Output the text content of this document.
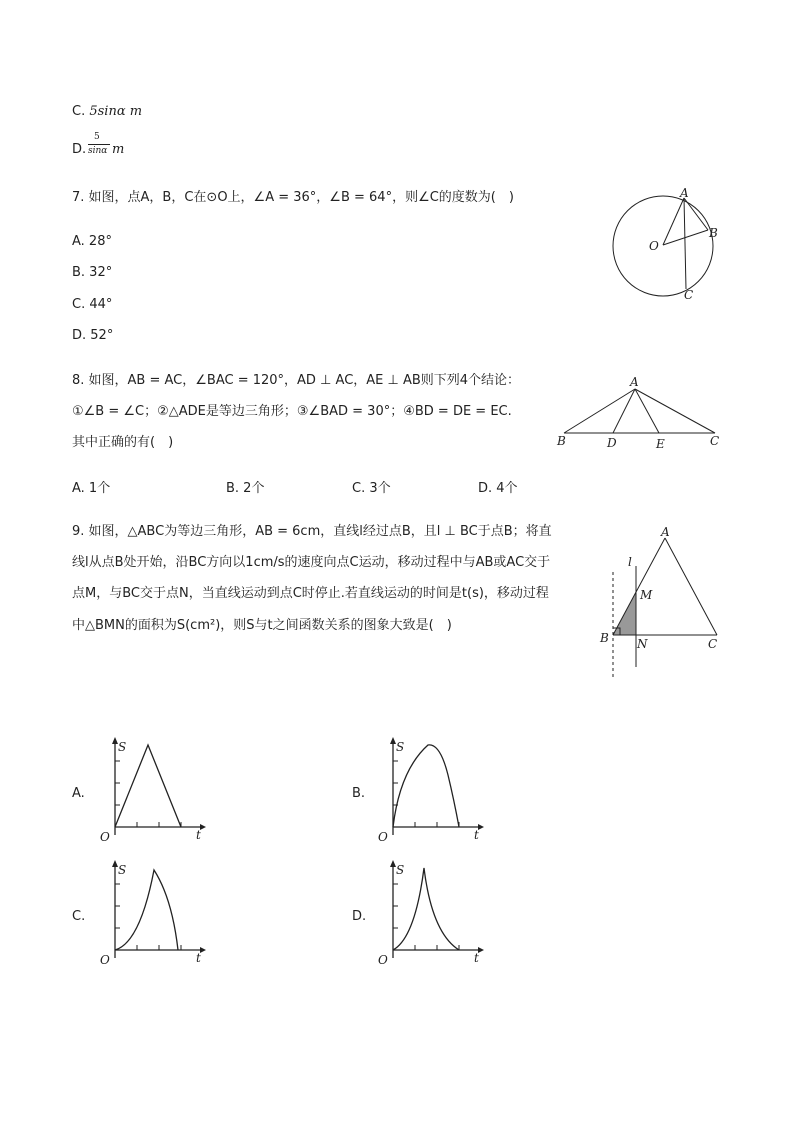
C. 5sinα m
D.
5
sinα m
7. 如图，点A，B，C在⊙O上，∠A = 36°，∠B = 64°，则∠C的度数为(　)
A. 28°
B. 32°
C. 44°
D. 52°
A
B
C
O
8. 如图，AB = AC，∠BAC = 120°，AD ⊥ AC，AE ⊥ AB则下列4个结论：
①∠B = ∠C；②△ADE是等边三角形；③∠BAD = 30°；④BD = DE = EC.
其中正确的有(　)
A. 1个	B. 2个	C. 3个	D. 4个
A
B	D	E	C
9. 如图，△ABC为等边三角形，AB = 6cm，直线l经过点B，且l ⊥ BC于点B；将直
线l从点B处开始，沿BC方向以1cm/s的速度向点C运动，移动过程中与AB或AC交于
点M，与BC交于点N，当直线运动到点C时停止.若直线运动的时间是t(s)，移动过程
中△BMN的面积为S(cm²)，则S与t之间函数关系的图象大致是(　)
A
l
M
B N	C
A.
S
O	t
B.
S
O	t
C.
S
O	t
D.
S
O	t
